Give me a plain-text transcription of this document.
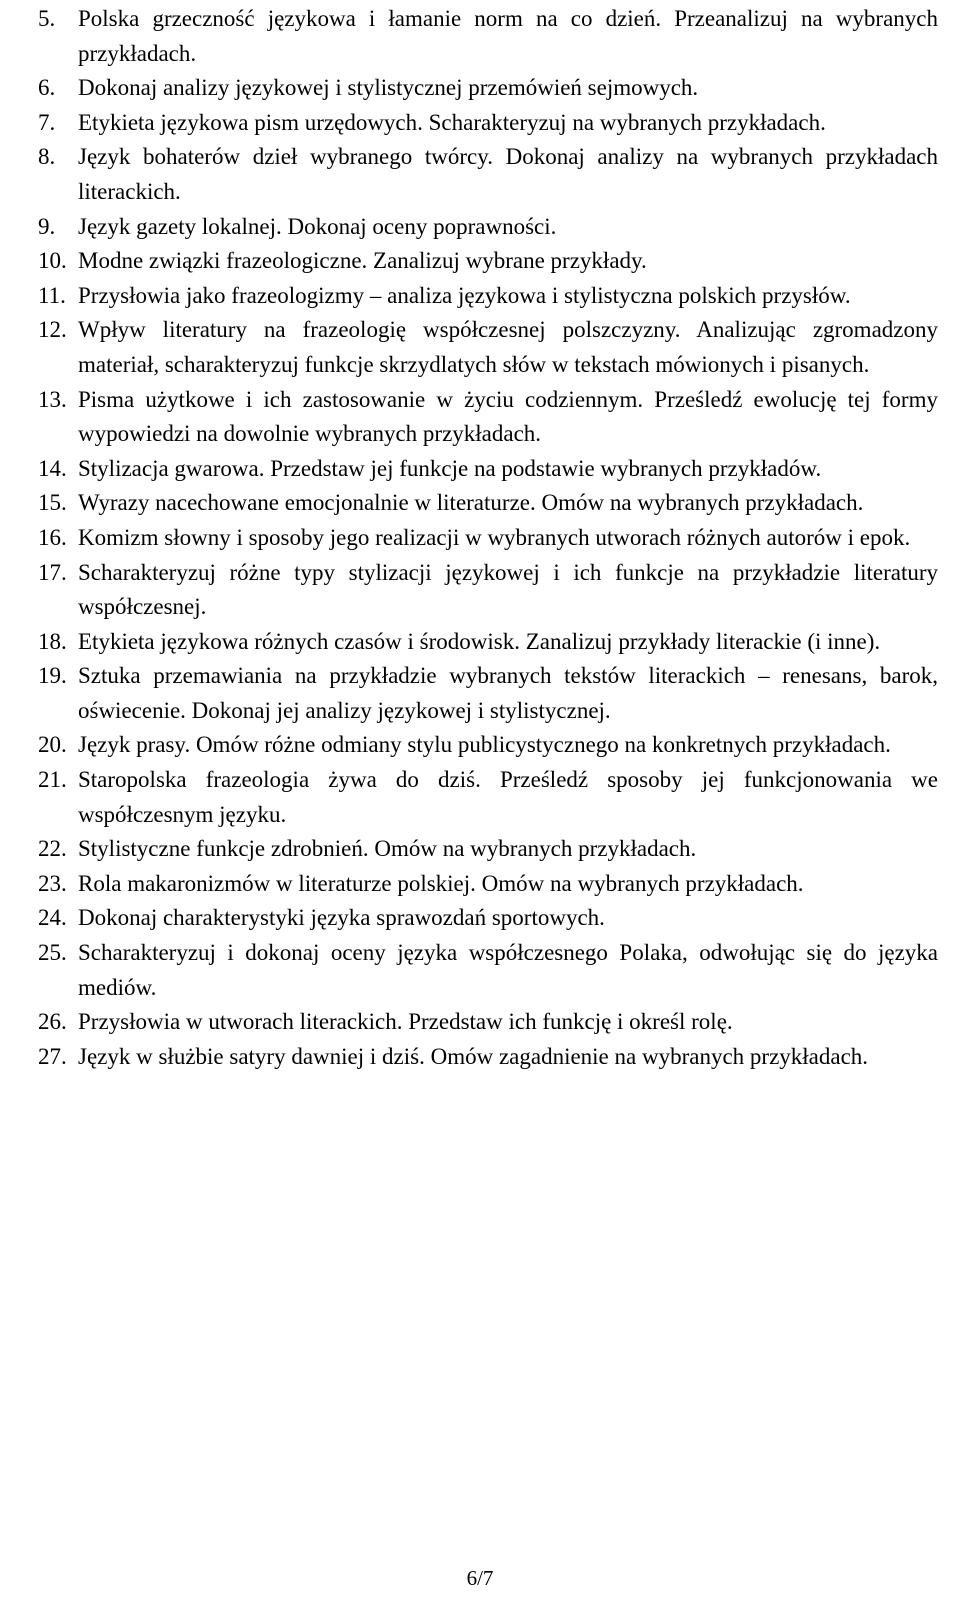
5. Polska grzeczność językowa i łamanie norm na co dzień. Przeanalizuj na wybranych przykładach.
6. Dokonaj analizy językowej i stylistycznej przemówień sejmowych.
7. Etykieta językowa pism urzędowych. Scharakteryzuj na wybranych przykładach.
8. Język bohaterów dzieł wybranego twórcy. Dokonaj analizy na wybranych przykładach literackich.
9. Język gazety lokalnej. Dokonaj oceny poprawności.
10. Modne związki frazeologiczne. Zanalizuj wybrane przykłady.
11. Przysłowia jako frazeologizmy – analiza językowa i stylistyczna polskich przysłów.
12. Wpływ literatury na frazeologię współczesnej polszczyzny. Analizując zgromadzony materiał, scharakteryzuj funkcje skrzydlatych słów w tekstach mówionych i pisanych.
13. Pisma użytkowe i ich zastosowanie w życiu codziennym. Prześledź ewolucję tej formy wypowiedzi na dowolnie wybranych przykładach.
14. Stylizacja gwarowa. Przedstaw jej funkcje na podstawie wybranych przykładów.
15. Wyrazy nacechowane emocjonalnie w literaturze. Omów na wybranych przykładach.
16. Komizm słowny i sposoby jego realizacji w wybranych utworach różnych autorów i epok.
17. Scharakteryzuj różne typy stylizacji językowej i ich funkcje na przykładzie literatury współczesnej.
18. Etykieta językowa różnych czasów i środowisk. Zanalizuj przykłady literackie (i inne).
19. Sztuka przemawiania na przykładzie wybranych tekstów literackich – renesans, barok, oświecenie. Dokonaj jej analizy językowej i stylistycznej.
20. Język prasy. Omów różne odmiany stylu publicystycznego na konkretnych przykładach.
21. Staropolska frazeologia żywa do dziś. Prześledź sposoby jej funkcjonowania we współczesnym języku.
22. Stylistyczne funkcje zdrobnień. Omów na wybranych przykładach.
23. Rola makaronizmów w literaturze polskiej. Omów na wybranych przykładach.
24. Dokonaj charakterystyki języka sprawozdań sportowych.
25. Scharakteryzuj i dokonaj oceny języka współczesnego Polaka, odwołując się do języka mediów.
26. Przysłowia w utworach literackich. Przedstaw ich funkcję i określ rolę.
27. Język w służbie satyry dawniej i dziś. Omów zagadnienie na wybranych przykładach.
6/7
